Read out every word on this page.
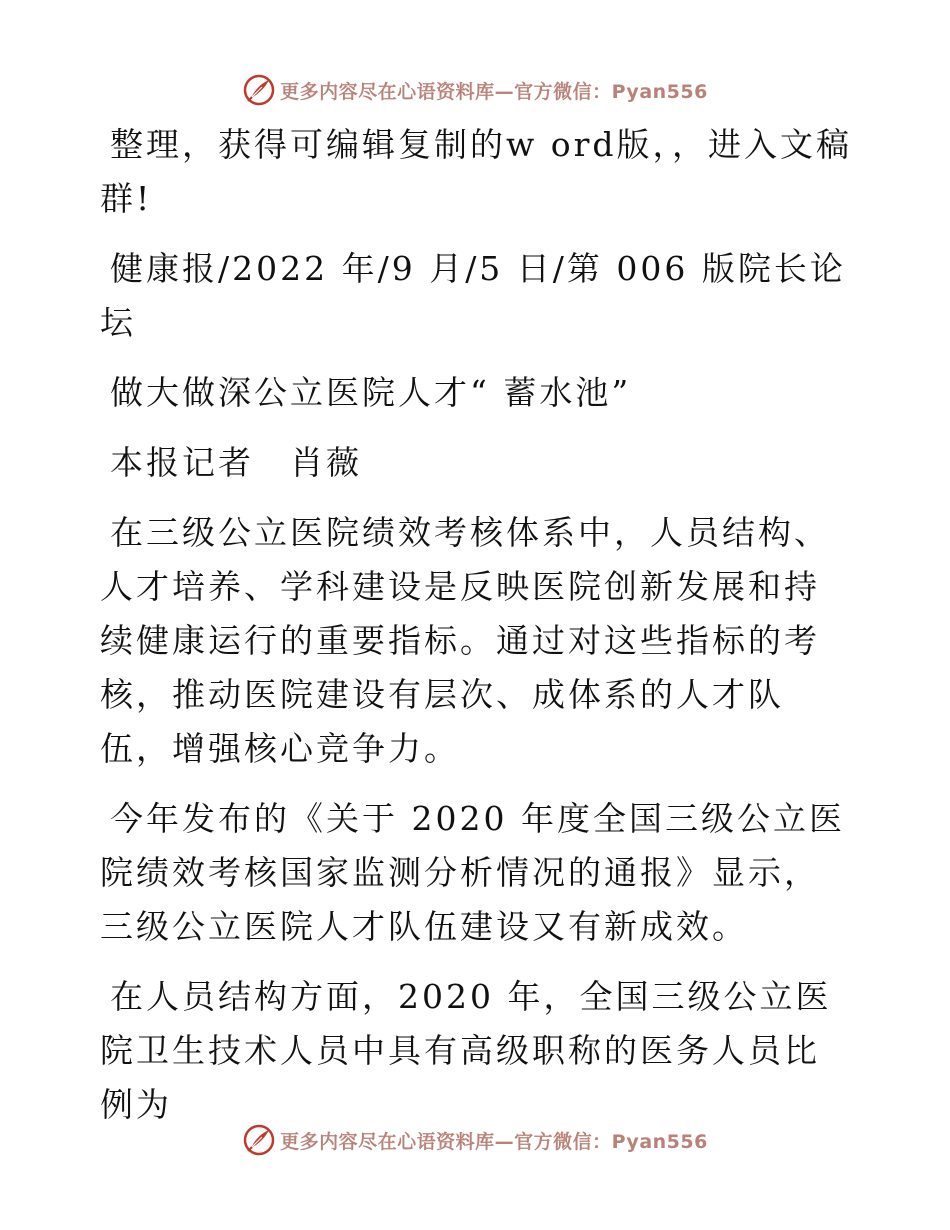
更多内容尽在心语资料库—官方微信：Pyan556

整理，获得可编辑复制的w ord版，，进入文稿群!

健康报/2022 年/9 月/5 日/第 006 版院长论坛

做大做深公立医院人才“ 蓄水池”

本报记者　肖薇

在三级公立医院绩效考核体系中，人员结构、人才培养、学科建设是反映医院创新发展和持续健康运行的重要指标。通过对这些指标的考核，推动医院建设有层次、成体系的人才队伍，增强核心竞争力。

今年发布的《关于 2020 年度全国三级公立医院绩效考核国家监测分析情况的通报》显示，三级公立医院人才队伍建设又有新成效。

在人员结构方面，2020 年，全国三级公立医院卫生技术人员中具有高级职称的医务人员比例为

更多内容尽在心语资料库—官方微信：Pyan556
